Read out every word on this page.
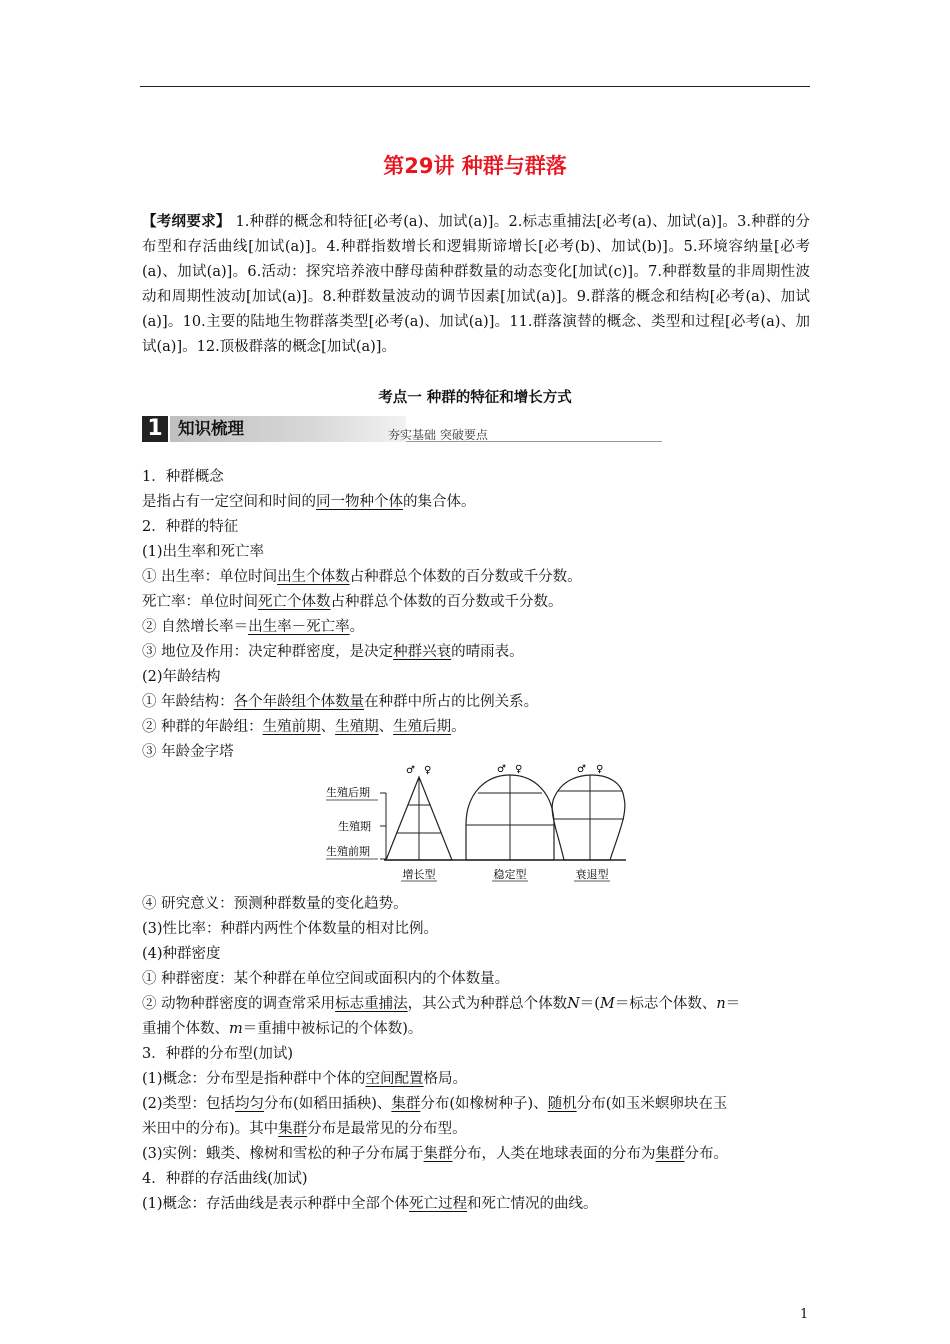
第29讲 种群与群落
【考纲要求】 1.种群的概念和特征[必考(a)、加试(a)]。2.标志重捕法[必考(a)、加试(a)]。3.种群的分布型和存活曲线[加试(a)]。4.种群指数增长和逻辑斯谛增长[必考(b)、加试(b)]。5.环境容纳量[必考(a)、加试(a)]。6.活动：探究培养液中酵母菌种群数量的动态变化[加试(c)]。7.种群数量的非周期性波动和周期性波动[加试(a)]。8.种群数量波动的调节因素[加试(a)]。9.群落的概念和结构[必考(a)、加试(a)]。10.主要的陆地生物群落类型[必考(a)、加试(a)]。11.群落演替的概念、类型和过程[必考(a)、加试(a)]。12.顶极群落的概念[加试(a)]。
考点一 种群的特征和增长方式
1 知识梳理	夯实基础 突破要点

1．种群概念

是指占有一定空间和时间的同一物种个体的集合体。

2．种群的特征

(1)出生率和死亡率

① 出生率：单位时间出生个体数占种群总个体数的百分数或千分数。

死亡率：单位时间死亡个体数占种群总个体数的百分数或千分数。

② 自然增长率＝出生率－死亡率。

③ 地位及作用：决定种群密度，是决定种群兴衰的晴雨表。

(2)年龄结构

① 年龄结构：各个年龄组个体数量在种群中所占的比例关系。

② 种群的年龄组：生殖前期、生殖期、生殖后期。

③ 年龄金字塔

④ 研究意义：预测种群数量的变化趋势。

(3)性比率：种群内两性个体数量的相对比例。

(4)种群密度

① 种群密度：某个种群在单位空间或面积内的个体数量。

② 动物种群密度的调查常采用标志重捕法，其公式为种群总个体数N＝(M＝标志个体数、n＝

重捕个体数、m＝重捕中被标记的个体数)。

3．种群的分布型(加试)

(1)概念：分布型是指种群中个体的空间配置格局。

(2)类型：包括均匀分布(如稻田插秧)、集群分布(如橡树种子)、随机分布(如玉米螟卵块在玉

米田中的分布)。其中集群分布是最常见的分布型。

(3)实例：蛾类、橡树和雪松的种子分布属于集群分布，人类在地球表面的分布为集群分布。

4．种群的存活曲线(加试)

(1)概念：存活曲线是表示种群中全部个体死亡过程和死亡情况的曲线。

生殖后期
生殖期
生殖前期
♂ ♀	♂ ♀	♂ ♀
增长型	稳定型	衰退型
1
